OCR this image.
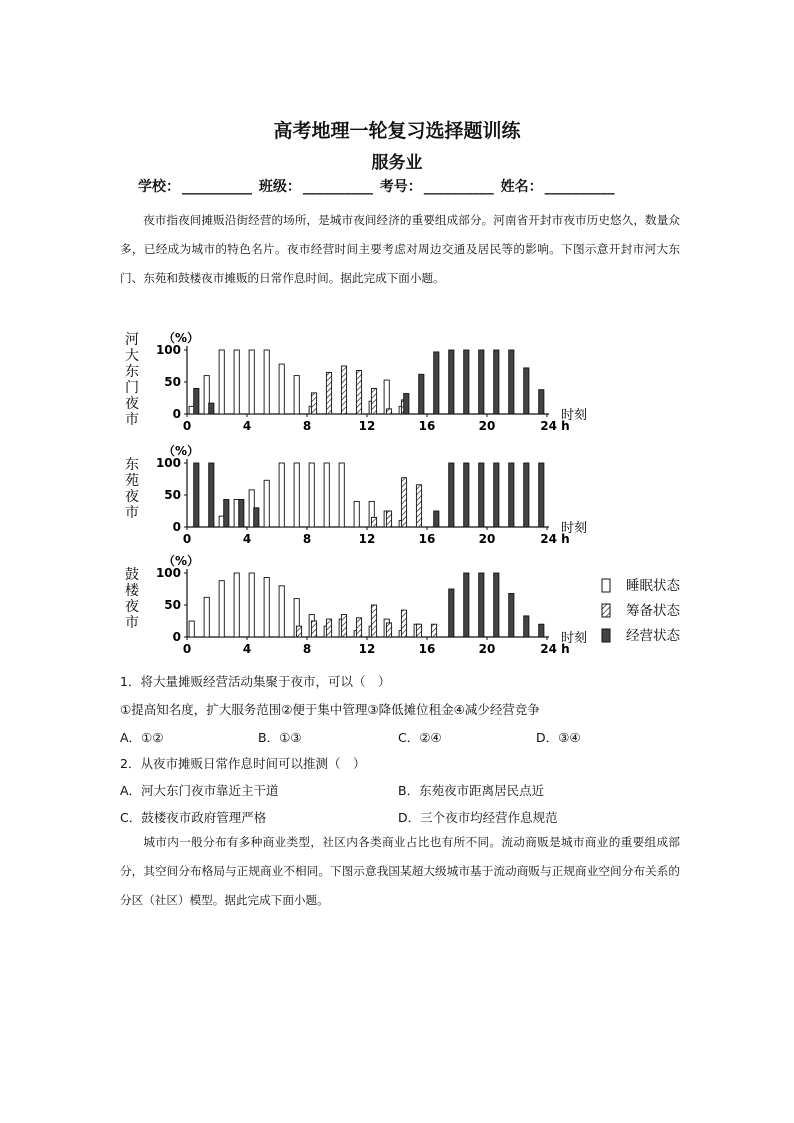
高考地理一轮复习选择题训练
服务业
学校： __________ 班级： __________ 考号： __________ 姓名： __________
夜市指夜间摊贩沿街经营的场所，是城市夜间经济的重要组成部分。河南省开封市夜市历史悠久，数量众多，已经成为城市的特色名片。夜市经营时间主要考虑对周边交通及居民等的影响。下图示意开封市河大东门、东苑和鼓楼夜市摊贩的日常作息时间。据此完成下面小题。
河
大
东
门
夜
市
（%）
0
50
100
0	4	8	12	16	20	24 h
时刻
东
苑
夜
市
（%）
0
50
100
0	4	8	12	16	20	24 h
时刻
鼓
楼
夜
市
（%）
0
50
100
0	4	8	12	16	20	24 h
时刻
睡眠状态
筹备状态
经营状态
1．将大量摊贩经营活动集聚于夜市，可以（　）
①提高知名度，扩大服务范围②便于集中管理③降低摊位租金④减少经营竞争
A．①②	B．①③	C．②④	D．③④
2．从夜市摊贩日常作息时间可以推测（　）
A．河大东门夜市靠近主干道	B．东苑夜市距离居民点近
C．鼓楼夜市政府管理严格	D．三个夜市均经营作息规范
城市内一般分布有多种商业类型，社区内各类商业占比也有所不同。流动商贩是城市商业的重要组成部分，其空间分布格局与正规商业不相同。下图示意我国某超大级城市基于流动商贩与正规商业空间分布关系的分区（社区）模型。据此完成下面小题。
